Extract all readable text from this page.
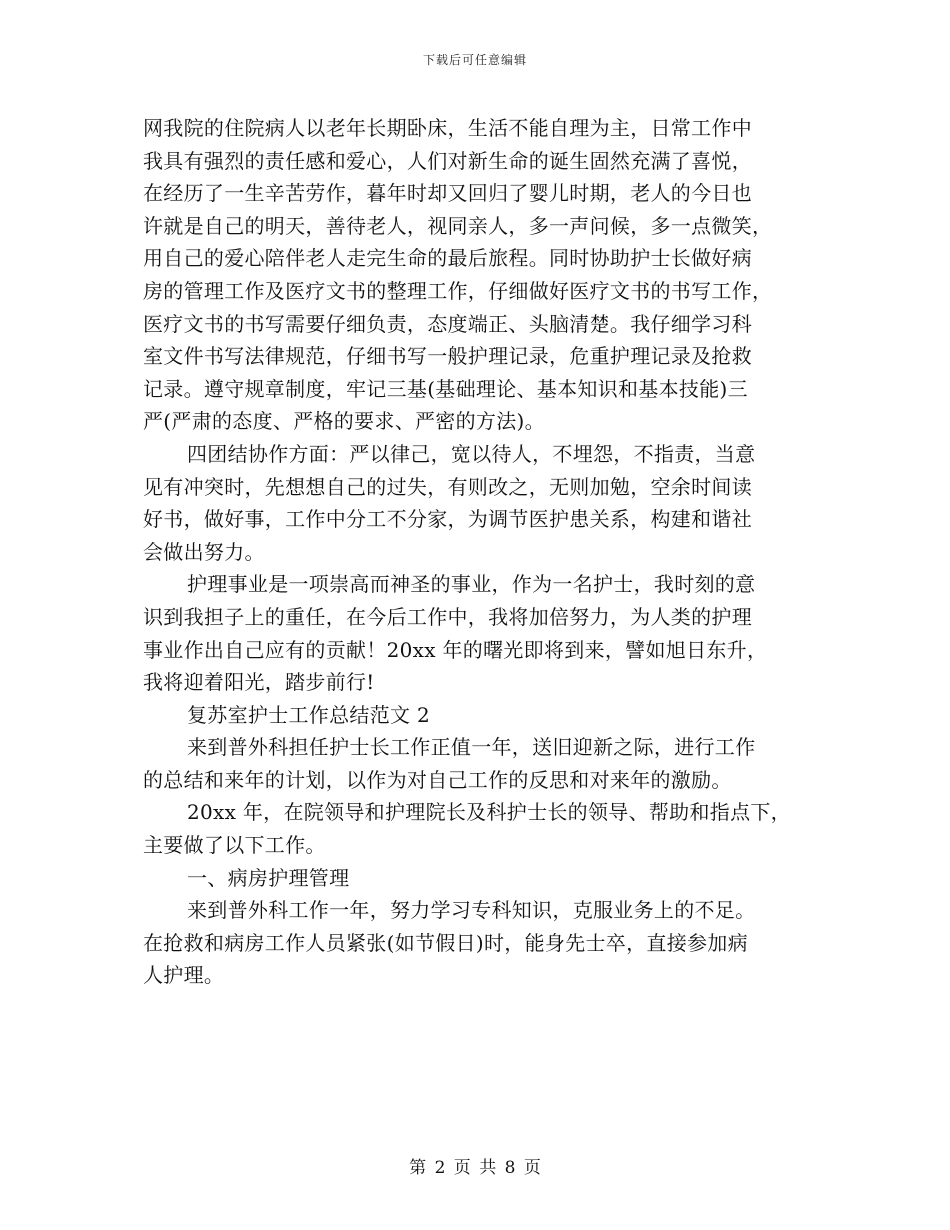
下载后可任意编辑
网我院的住院病人以老年长期卧床，生活不能自理为主，日常工作中
我具有强烈的责任感和爱心，人们对新生命的诞生固然充满了喜悦，
在经历了一生辛苦劳作，暮年时却又回归了婴儿时期，老人的今日也
许就是自己的明天，善待老人，视同亲人，多一声问候，多一点微笑，
用自己的爱心陪伴老人走完生命的最后旅程。同时协助护士长做好病
房的管理工作及医疗文书的整理工作，仔细做好医疗文书的书写工作，
医疗文书的书写需要仔细负责，态度端正、头脑清楚。我仔细学习科
室文件书写法律规范，仔细书写一般护理记录，危重护理记录及抢救
记录。遵守规章制度，牢记三基(基础理论、基本知识和基本技能)三
严(严肃的态度、严格的要求、严密的方法)。
四团结协作方面：严以律己，宽以待人，不埋怨，不指责，当意
见有冲突时，先想想自己的过失，有则改之，无则加勉，空余时间读
好书，做好事，工作中分工不分家，为调节医护患关系，构建和谐社
会做出努力。
护理事业是一项崇高而神圣的事业，作为一名护士，我时刻的意
识到我担子上的重任，在今后工作中，我将加倍努力，为人类的护理
事业作出自己应有的贡献！20xx 年的曙光即将到来，譬如旭日东升，
我将迎着阳光，踏步前行!
复苏室护士工作总结范文 2
来到普外科担任护士长工作正值一年，送旧迎新之际，进行工作
的总结和来年的计划，以作为对自己工作的反思和对来年的激励。
20xx 年，在院领导和护理院长及科护士长的领导、帮助和指点下，
主要做了以下工作。
一、病房护理管理
来到普外科工作一年，努力学习专科知识，克服业务上的不足。
在抢救和病房工作人员紧张(如节假日)时，能身先士卒，直接参加病
人护理。
第 2 页 共 8 页
